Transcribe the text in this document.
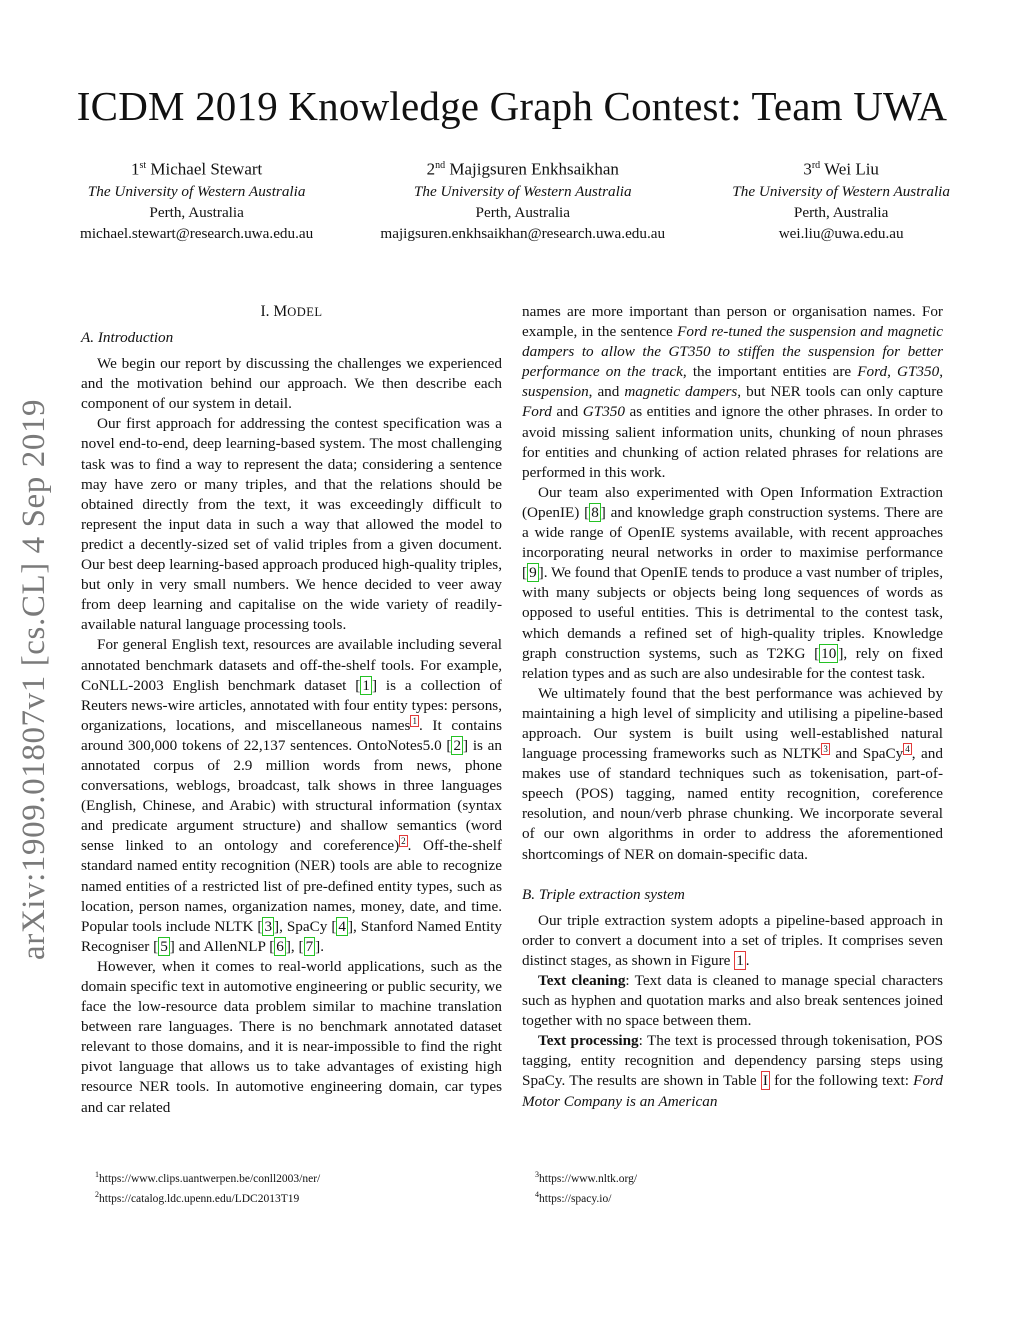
arXiv:1909.01807v1 [cs.CL] 4 Sep 2019
ICDM 2019 Knowledge Graph Contest: Team UWA
1st Michael Stewart
The University of Western Australia
Perth, Australia
michael.stewart@research.uwa.edu.au
2nd Majigsuren Enkhsaikhan
The University of Western Australia
Perth, Australia
majigsuren.enkhsaikhan@research.uwa.edu.au
3rd Wei Liu
The University of Western Australia
Perth, Australia
wei.liu@uwa.edu.au
I. MODEL
A. Introduction

We begin our report by discussing the challenges we experienced and the motivation behind our approach. We then describe each component of our system in detail.

Our first approach for addressing the contest specification was a novel end-to-end, deep learning-based system. The most challenging task was to find a way to represent the data; considering a sentence may have zero or many triples, and that the relations should be obtained directly from the text, it was exceedingly difficult to represent the input data in such a way that allowed the model to predict a decently-sized set of valid triples from a given document. Our best deep learning-based approach produced high-quality triples, but only in very small numbers. We hence decided to veer away from deep learning and capitalise on the wide variety of readily-available natural language processing tools.

For general English text, resources are available including several annotated benchmark datasets and off-the-shelf tools. For example, CoNLL-2003 English benchmark dataset [ 1 ] is a collection of Reuters news-wire articles, annotated with four entity types: persons, organizations, locations, and miscellaneous names $^1$ . It contains around 300,000 tokens of 22,137 sentences. OntoNotes5.0 [ 2 ] is an annotated corpus of 2.9 million words from news, phone conversations, weblogs, broadcast, talk shows in three languages (English, Chinese, and Arabic) with structural information (syntax and predicate argument structure) and shallow semantics (word sense linked to an ontology and coreference) $^2$ . Off-the-shelf standard named entity recognition (NER) tools are able to recognize named entities of a restricted list of pre-defined entity types, such as location, person names, organization names, money, date, and time. Popular tools include NLTK [ 3 ], SpaCy [ 4 ], Stanford Named Entity Recogniser [ 5 ] and AllenNLP [ 6 ], [ 7 ].

However, when it comes to real-world applications, such as the domain specific text in automotive engineering or public security, we face the low-resource data problem similar to machine translation between rare languages. There is no benchmark annotated dataset relevant to those domains, and it is near-impossible to find the right pivot language that allows us to take advantages of existing high resource NER tools. In automotive engineering domain, car types and car related

names are more important than person or organisation names. For example, in the sentence Ford re-tuned the suspension and magnetic dampers to allow the GT350 to stiffen the suspension for better performance on the track, the important entities are Ford, GT350, suspension, and magnetic dampers, but NER tools can only capture Ford and GT350 as entities and ignore the other phrases. In order to avoid missing salient information units, chunking of noun phrases for entities and chunking of action related phrases for relations are performed in this work.

Our team also experimented with Open Information Extraction (OpenIE) [ 8 ] and knowledge graph construction systems. There are a wide range of OpenIE systems available, with recent approaches incorporating neural networks in order to maximise performance [ 9 ]. We found that OpenIE tends to produce a vast number of triples, with many subjects or objects being long sequences of words as opposed to useful entities. This is detrimental to the contest task, which demands a refined set of high-quality triples. Knowledge graph construction systems, such as T2KG [ 10 ], rely on fixed relation types and as such are also undesirable for the contest task.

We ultimately found that the best performance was achieved by maintaining a high level of simplicity and utilising a pipeline-based approach. Our system is built using well-established natural language processing frameworks such as NLTK $^3$ and SpaCy $^4$ , and makes use of standard techniques such as tokenisation, part-of-speech (POS) tagging, named entity recognition, coreference resolution, and noun/verb phrase chunking. We incorporate several of our own algorithms in order to address the aforementioned shortcomings of NER on domain-specific data.

B. Triple extraction system

Our triple extraction system adopts a pipeline-based approach in order to convert a document into a set of triples. It comprises seven distinct stages, as shown in Figure 1 .

Text cleaning: Text data is cleaned to manage special characters such as hyphen and quotation marks and also break sentences joined together with no space between them.

Text processing: The text is processed through tokenisation, POS tagging, entity recognition and dependency parsing steps using SpaCy. The results are shown in Table I for the following text: Ford Motor Company is an American

$^1$https://www.clips.uantwerpen.be/conll2003/ner/
$^2$https://catalog.ldc.upenn.edu/LDC2013T19
$^3$https://www.nltk.org/
$^4$https://spacy.io/
